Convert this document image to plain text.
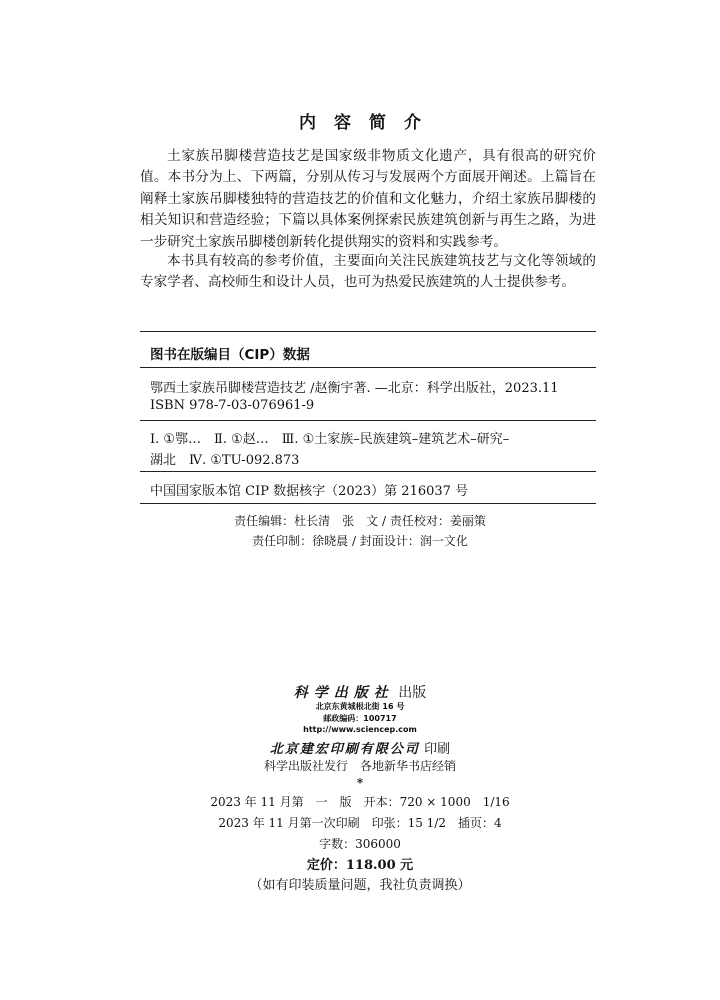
内容简介

土家族吊脚楼营造技艺是国家级非物质文化遗产，具有很高的研究价值。本书分为上、下两篇，分别从传习与发展两个方面展开阐述。上篇旨在阐释土家族吊脚楼独特的营造技艺的价值和文化魅力，介绍土家族吊脚楼的相关知识和营造经验；下篇以具体案例探索民族建筑创新与再生之路，为进一步研究土家族吊脚楼创新转化提供翔实的资料和实践参考。

本书具有较高的参考价值，主要面向关注民族建筑技艺与文化等领域的专家学者、高校师生和设计人员，也可为热爱民族建筑的人士提供参考。

图书在版编目（CIP）数据
鄂西土家族吊脚楼营造技艺 /赵衡宇著. —北京：科学出版社，2023.11
ISBN 978-7-03-076961-9
Ⅰ. ①鄂…　Ⅱ. ①赵…　Ⅲ. ①土家族–民族建筑–建筑艺术–研究–
湖北　Ⅳ. ①TU-092.873
中国国家版本馆 CIP 数据核字（2023）第 216037 号
责任编辑：杜长清　张　文 / 责任校对：姜丽策
责任印制：徐晓晨 / 封面设计：润一文化
科学出版社 出版
北京东黄城根北街 16 号
邮政编码：100717
http://www.sciencep.com
北京建宏印刷有限公司 印刷
科学出版社发行　各地新华书店经销
*
2023 年 11 月第　一　版　开本：720 × 1000　1/16
2023 年 11 月第一次印刷　印张：15 1/2　插页：4
字数：306000
定价：118.00 元
（如有印装质量问题，我社负责调换）
